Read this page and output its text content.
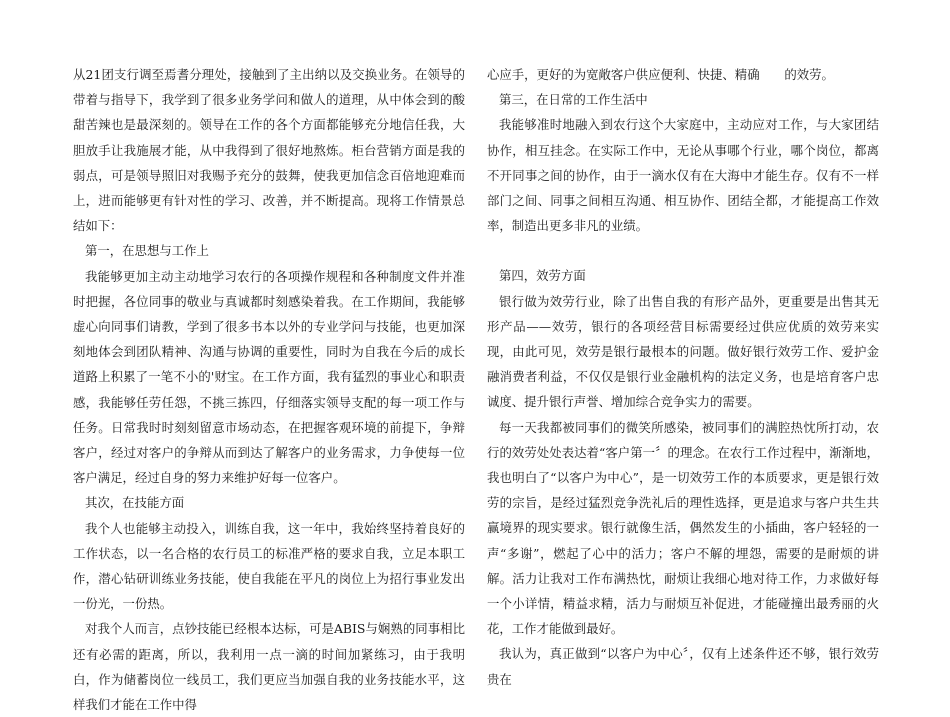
从21团支行调至焉耆分理处，接触到了主出纳以及交换业务。在领导的带着与指导下，我学到了很多业务学问和做人的道理，从中体会到的酸甜苦辣也是最深刻的。领导在工作的各个方面都能够充分地信任我，大胆放手让我施展才能，从中我得到了很好地熬炼。柜台营销方面是我的弱点，可是领导照旧对我赐予充分的鼓舞，使我更加信念百倍地迎难而上，进而能够更有针对性的学习、改善，并不断提高。现将工作情景总结如下：

第一，在思想与工作上

我能够更加主动主动地学习农行的各项操作规程和各种制度文件并准时把握，各位同事的敬业与真诚都时刻感染着我。在工作期间，我能够虚心向同事们请教，学到了很多书本以外的专业学问与技能，也更加深刻地体会到团队精神、沟通与协调的重要性，同时为自我在今后的成长道路上积累了一笔不小的'财宝。在工作方面，我有猛烈的事业心和职责感，我能够任劳任怨，不挑三拣四，仔细落实领导支配的每一项工作与任务。日常我时时刻刻留意市场动态，在把握客观环境的前提下，争辩客户，经过对客户的争辩从而到达了解客户的业务需求，力争使每一位客户满足，经过自身的努力来维护好每一位客户。

其次，在技能方面

我个人也能够主动投入，训练自我，这一年中，我始终坚持着良好的工作状态，以一名合格的农行员工的标准严格的要求自我，立足本职工作，潜心钻研训练业务技能，使自我能在平凡的岗位上为招行事业发出一份光，一份热。

对我个人而言，点钞技能已经根本达标，可是ABIS与娴熟的同事相比还有必需的距离，所以，我利用一点一滴的时间加紧练习，由于我明白，作为储蓄岗位一线员工，我们更应当加强自我的业务技能水平，这样我们才能在工作中得

心应手，更好的为宽敞客户供应便利、快捷、精确　　的效劳。

第三，在日常的工作生活中

我能够准时地融入到农行这个大家庭中，主动应对工作，与大家团结协作，相互挂念。在实际工作中，无论从事哪个行业，哪个岗位，都离不开同事之间的协作，由于一滴水仅有在大海中才能生存。仅有不一样部门之间、同事之间相互沟通、相互协作、团结全都，才能提高工作效率，制造出更多非凡的业绩。

第四，效劳方面

银行做为效劳行业，除了出售自我的有形产品外，更重要是出售其无形产品——效劳，银行的各项经营目标需要经过供应优质的效劳来实现，由此可见，效劳是银行最根本的问题。做好银行效劳工作、爱护金融消费者利益，不仅仅是银行业金融机构的法定义务，也是培育客户忠诚度、提升银行声誉、增加综合竞争实力的需要。

每一天我都被同事们的微笑所感染，被同事们的满腔热忱所打动，农行的效劳处处表达着“客户第一〞的理念。在农行工作过程中，渐渐地，我也明白了“以客户为中心”，是一切效劳工作的本质要求，更是银行效劳的宗旨，是经过猛烈竞争洗礼后的理性选择，更是追求与客户共生共赢境界的现实要求。银行就像生活，偶然发生的小插曲，客户轻轻的一声“多谢”，燃起了心中的活力；客户不解的埋怨，需要的是耐烦的讲解。活力让我对工作布满热忱，耐烦让我细心地对待工作，力求做好每一个小详情，精益求精，活力与耐烦互补促进，才能碰撞出最秀丽的火花，工作才能做到最好。

我认为，真正做到“以客户为中心〞，仅有上述条件还不够，银行效劳贵在
